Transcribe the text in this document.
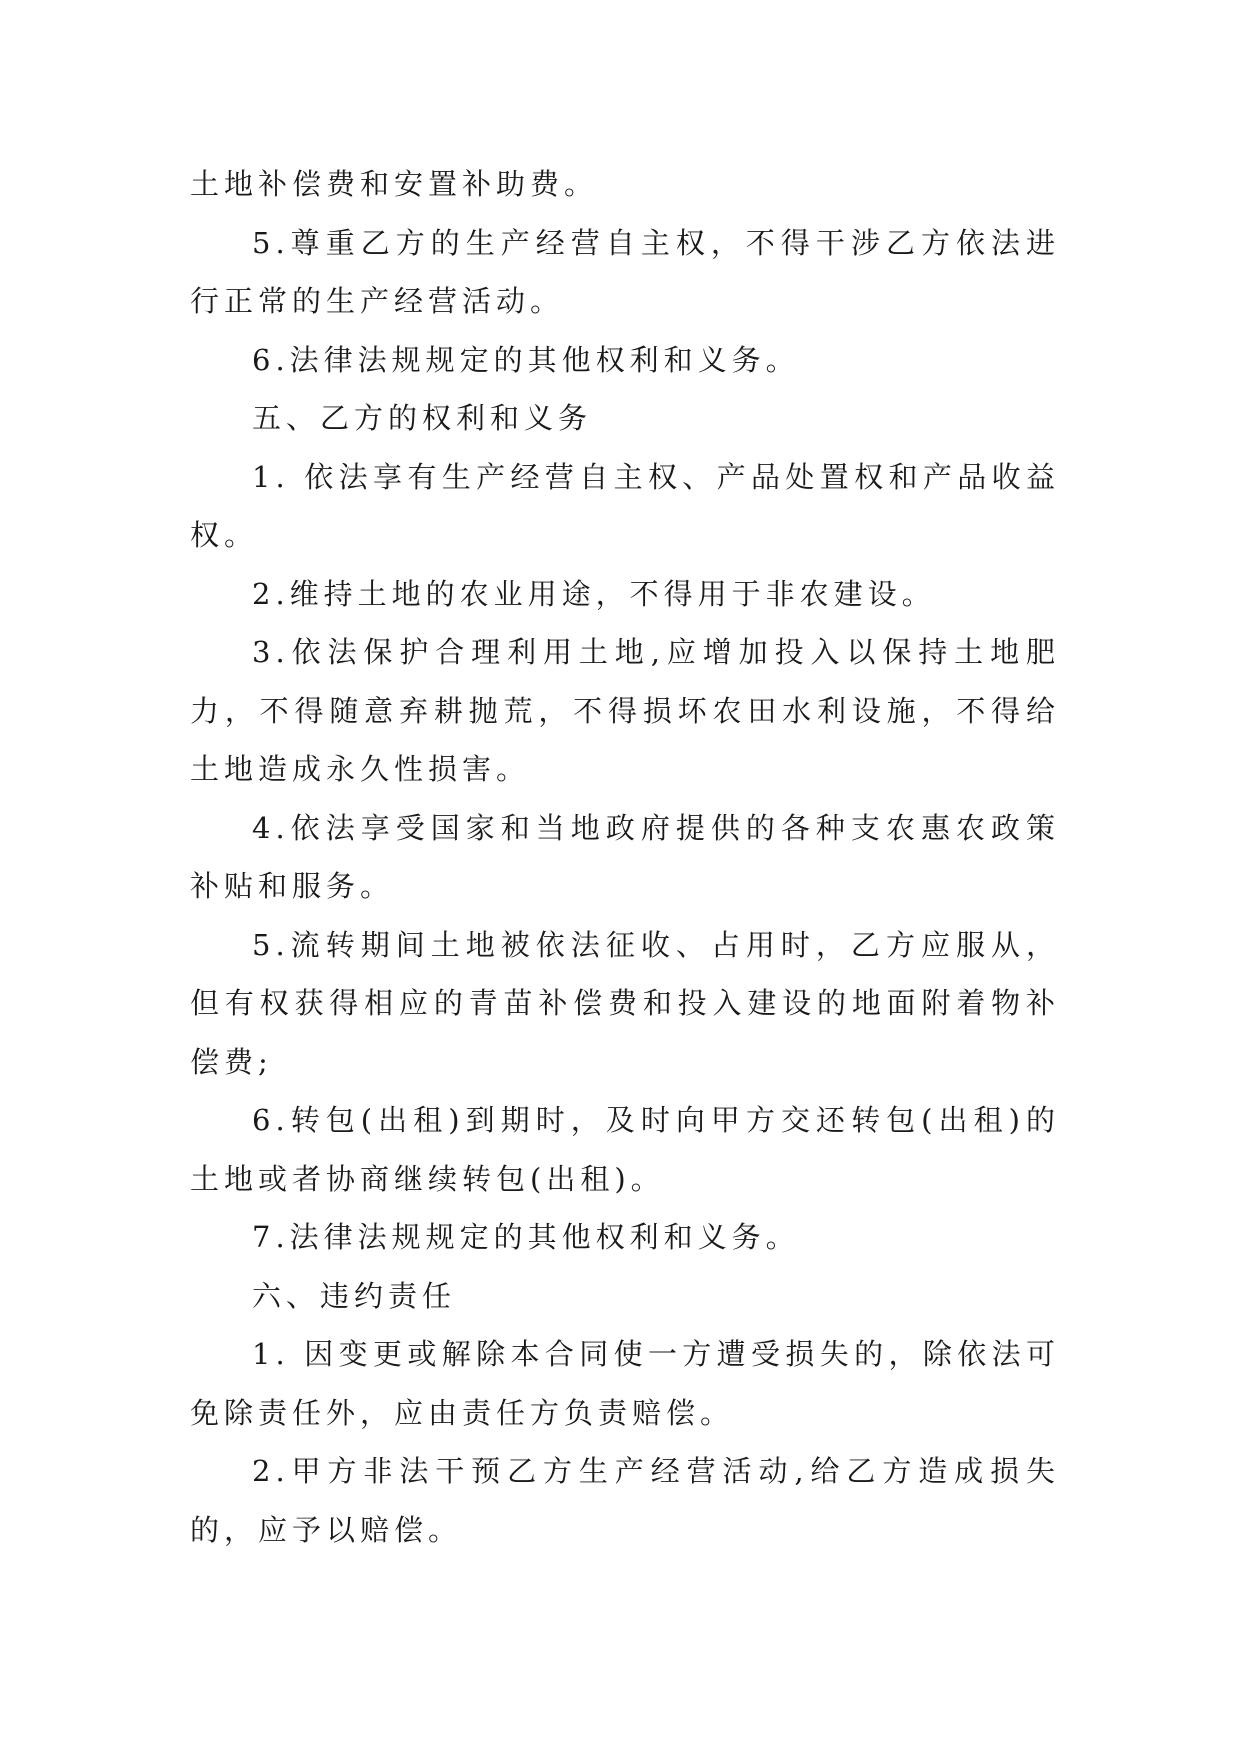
土地补偿费和安置补助费。

5.尊重乙方的生产经营自主权，不得干涉乙方依法进行正常的生产经营活动。

6.法律法规规定的其他权利和义务。

五、乙方的权利和义务

1. 依法享有生产经营自主权、产品处置权和产品收益权。

2.维持土地的农业用途，不得用于非农建设。

3.依法保护合理利用土地,应增加投入以保持土地肥力，不得随意弃耕抛荒，不得损坏农田水利设施，不得给土地造成永久性损害。

4.依法享受国家和当地政府提供的各种支农惠农政策补贴和服务。

5.流转期间土地被依法征收、占用时，乙方应服从，但有权获得相应的青苗补偿费和投入建设的地面附着物补偿费;

6.转包(出租)到期时，及时向甲方交还转包(出租)的土地或者协商继续转包(出租)。

7.法律法规规定的其他权利和义务。

六、违约责任

1. 因变更或解除本合同使一方遭受损失的，除依法可免除责任外，应由责任方负责赔偿。

2.甲方非法干预乙方生产经营活动,给乙方造成损失的，应予以赔偿。
